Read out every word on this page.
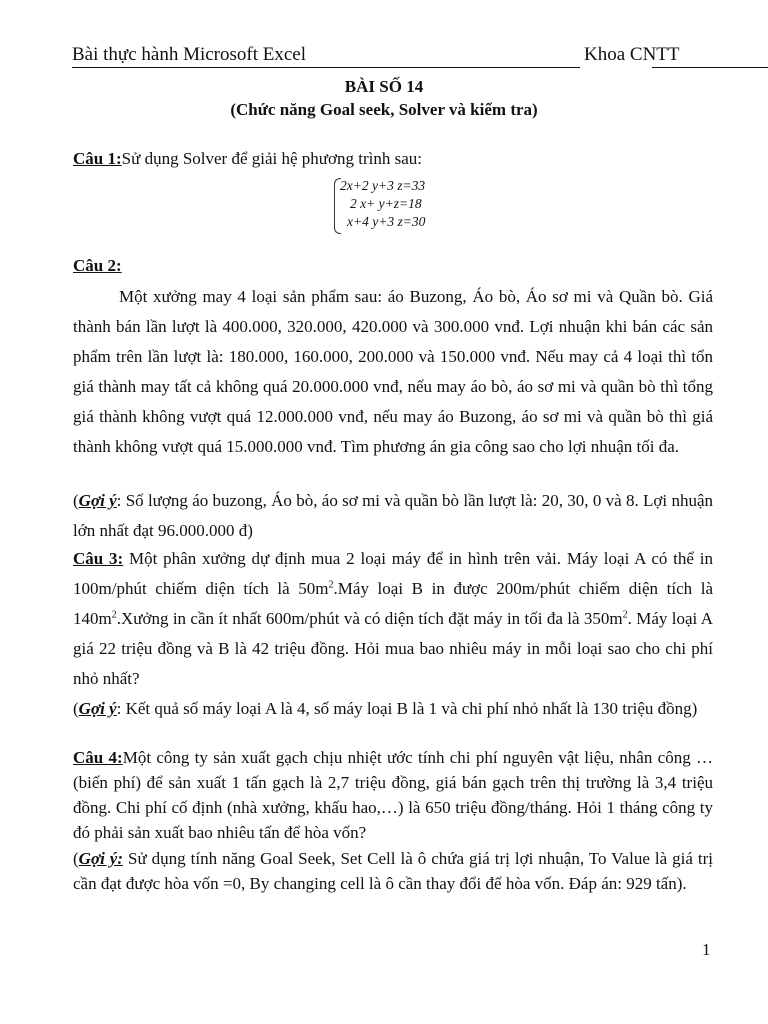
Bài thực hành Microsoft Excel	Khoa CNTT
BÀI SỐ 14
(Chức năng Goal seek, Solver và kiểm tra)
Câu 1:Sử dụng Solver để giải hệ phương trình sau:
2x+2 y+3 z=33
2 x+ y+z=18
x+4 y+3 z=30
Câu 2:
Một xưởng may 4 loại sản phẩm sau: áo Buzong, Áo bò, Áo sơ mi và Quần bò. Giá thành bán lần lượt là 400.000, 320.000, 420.000 và 300.000 vnđ. Lợi nhuận khi bán các sản phẩm trên lần lượt là: 180.000, 160.000, 200.000 và 150.000 vnđ. Nếu may cả 4 loại thì tổn giá thành may tất cả không quá 20.000.000 vnđ, nếu may áo bò, áo sơ mi và quần bò thì tổng giá thành không vượt quá 12.000.000 vnđ, nếu may áo Buzong, áo sơ mi và quần bò thì giá thành không vượt quá 15.000.000 vnđ. Tìm phương án gia công sao cho lợi nhuận tối đa.
(Gợi ý: Số lượng áo buzong, Áo bò, áo sơ mi và quần bò lần lượt là: 20, 30, 0 và 8. Lợi nhuận lớn nhất đạt 96.000.000 đ)
Câu 3: Một phân xưởng dự định mua 2 loại máy để in hình trên vải. Máy loại A có thể in 100m/phút chiếm diện tích là $50m^2.Máy$ loại B in được 200m/phút chiếm diện tích là $140m^2.Xưởng$ in cần ít nhất 600m/phút và có diện tích đặt máy in tối đa là $350m^2$. Máy loại A giá 22 triệu đồng và B là 42 triệu đồng. Hỏi mua bao nhiêu máy in mỗi loại sao cho chi phí nhỏ nhất?
(Gợi ý: Kết quả số máy loại A là 4, số máy loại B là 1 và chi phí nhỏ nhất là 130 triệu đồng)
Câu 4:Một công ty sản xuất gạch chịu nhiệt ước tính chi phí nguyên vật liệu, nhân công …(biến phí) để sản xuất 1 tấn gạch là 2,7 triệu đồng, giá bán gạch trên thị trường là 3,4 triệu đồng. Chi phí cố định (nhà xưởng, khấu hao,…) là 650 triệu đồng/tháng. Hỏi 1 tháng công ty đó phải sản xuất bao nhiêu tấn để hòa vốn?
(Gợi ý: Sử dụng tính năng Goal Seek, Set Cell là ô chứa giá trị lợi nhuận, To Value là giá trị cần đạt được hòa vốn =0, By changing cell là ô cần thay đổi để hòa vốn. Đáp án: 929 tấn).
1
